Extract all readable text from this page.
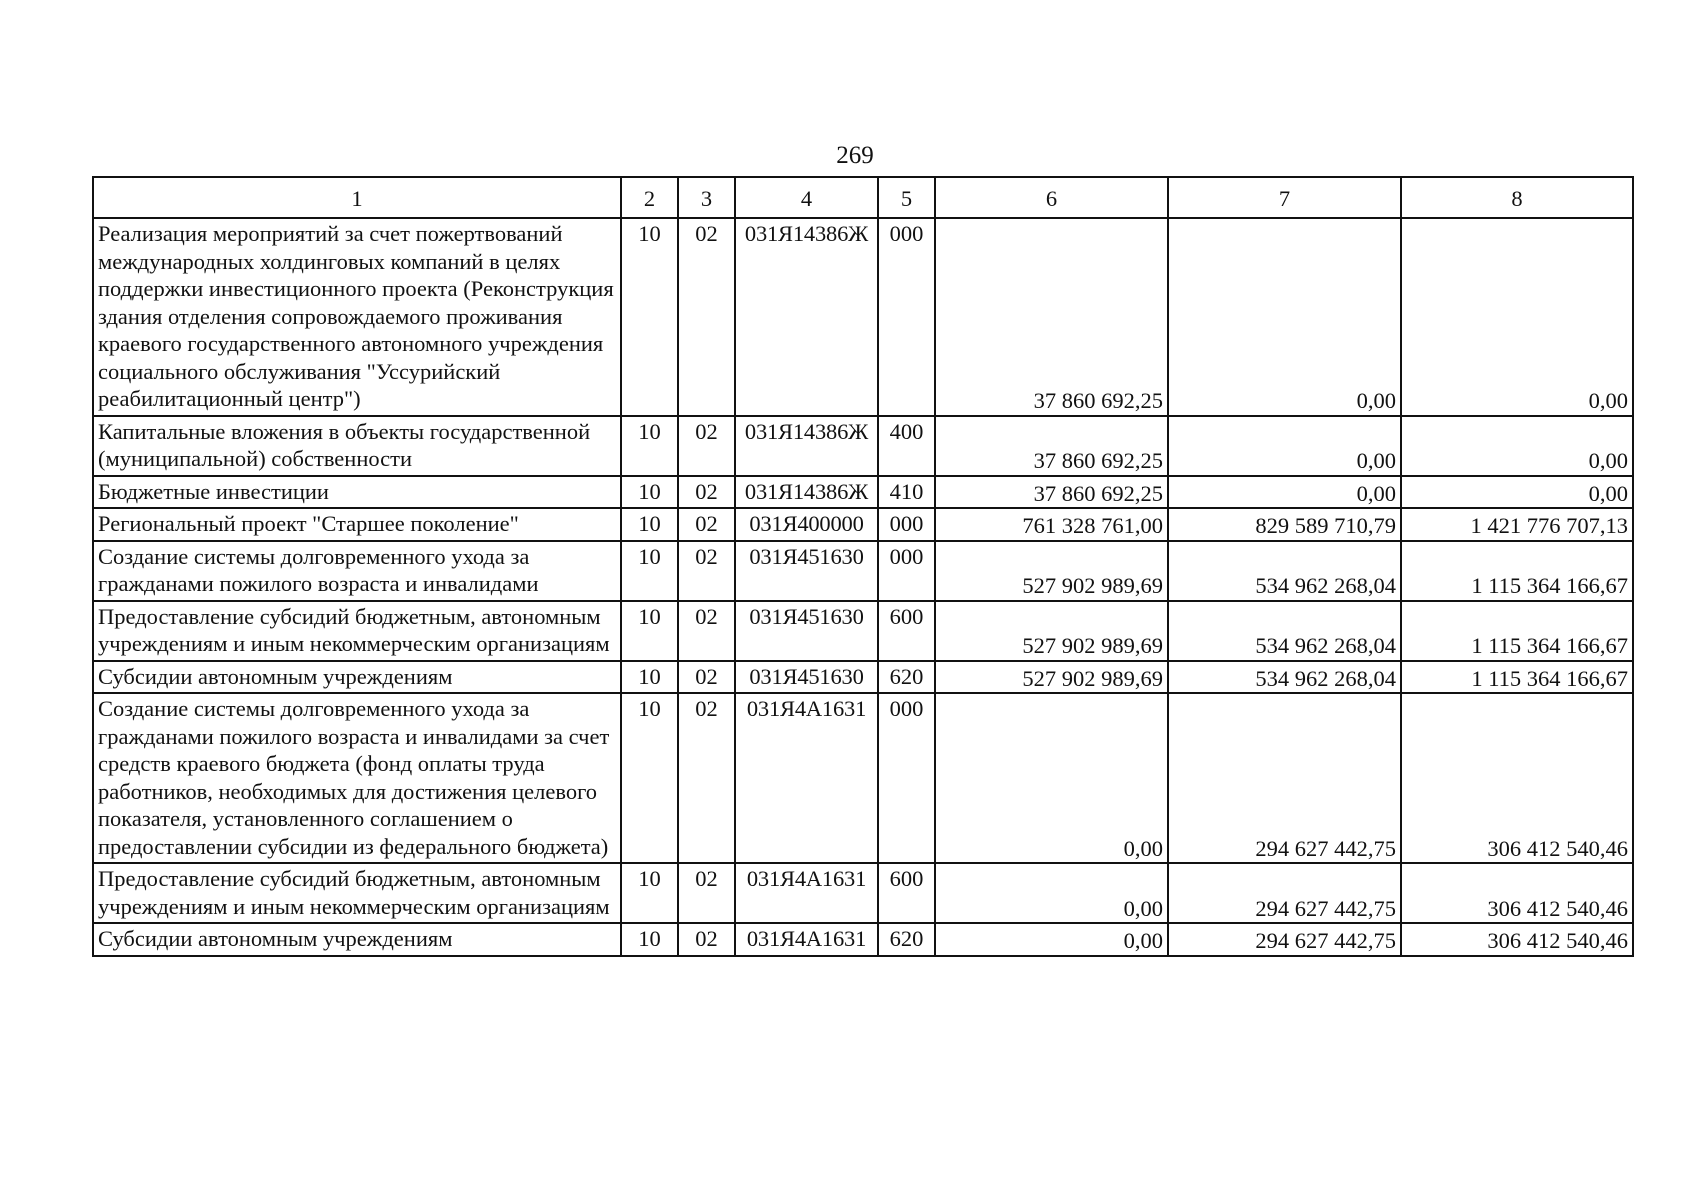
269
1	2	3	4	5	6	7	8
Реализация мероприятий за счет пожертвований международных холдинговых компаний в целях поддержки инвестиционного проекта (Реконструкция здания отделения сопровождаемого проживания краевого государственного автономного учреждения социального обслуживания "Уссурийский реабилитационный центр")	10	02	031Я14386Ж	000	37 860 692,25	0,00	0,00
Капитальные вложения в объекты государственной (муниципальной) собственности	10	02	031Я14386Ж	400	37 860 692,25	0,00	0,00
Бюджетные инвестиции	10	02	031Я14386Ж	410	37 860 692,25	0,00	0,00
Региональный проект "Старшее поколение"	10	02	031Я400000	000	761 328 761,00	829 589 710,79	1 421 776 707,13
Создание системы долговременного ухода за гражданами пожилого возраста и инвалидами	10	02	031Я451630	000	527 902 989,69	534 962 268,04	1 115 364 166,67
Предоставление субсидий бюджетным, автономным учреждениям и иным некоммерческим организациям	10	02	031Я451630	600	527 902 989,69	534 962 268,04	1 115 364 166,67
Субсидии автономным учреждениям	10	02	031Я451630	620	527 902 989,69	534 962 268,04	1 115 364 166,67
Создание системы долговременного ухода за гражданами пожилого возраста и инвалидами за счет средств краевого бюджета (фонд оплаты труда работников, необходимых для достижения целевого показателя, установленного соглашением о предоставлении субсидии из федерального бюджета)	10	02	031Я4А1631	000	0,00	294 627 442,75	306 412 540,46
Предоставление субсидий бюджетным, автономным учреждениям и иным некоммерческим организациям	10	02	031Я4А1631	600	0,00	294 627 442,75	306 412 540,46
Субсидии автономным учреждениям	10	02	031Я4А1631	620	0,00	294 627 442,75	306 412 540,46
